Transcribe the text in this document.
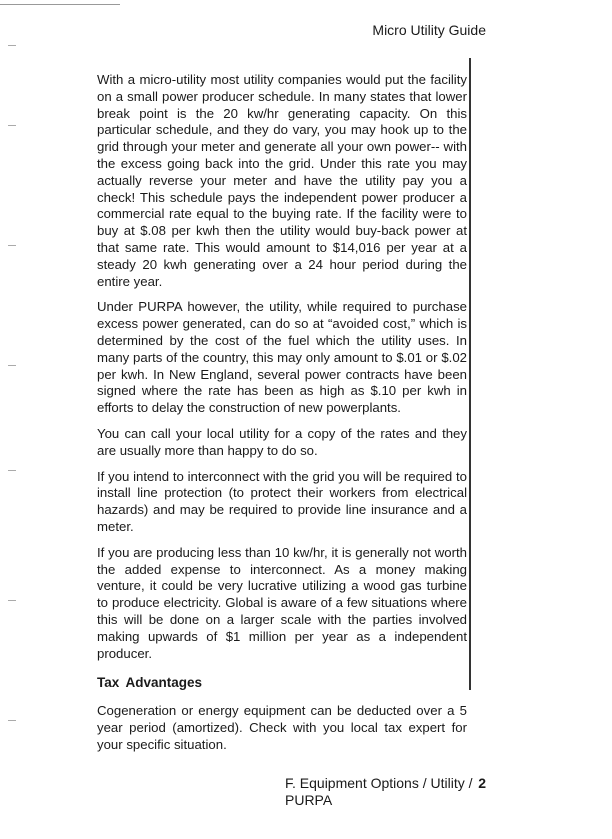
Micro Utility Guide

With a micro-utility most utility companies would put the facility on a small power producer schedule. In many states that lower break point is the 20 kw/hr generating capacity. On this particular schedule, and they do vary, you may hook up to the grid through your meter and generate all your own power-- with the excess going back into the grid. Under this rate you may actually reverse your meter and have the utility pay you a check! This schedule pays the independent power producer a commercial rate equal to the buying rate. If the facility were to buy at $.08 per kwh then the utility would buy-back power at that same rate. This would amount to $14,016 per year at a steady 20 kwh generating over a 24 hour period during the entire year.

Under PURPA however, the utility, while required to purchase excess power generated, can do so at “avoided cost,” which is determined by the cost of the fuel which the utility uses. In many parts of the country, this may only amount to $.01 or $.02 per kwh. In New England, several power contracts have been signed where the rate has been as high as $.10 per kwh in efforts to delay the construction of new powerplants.

You can call your local utility for a copy of the rates and they are usually more than happy to do so.

If you intend to interconnect with the grid you will be required to install line protection (to protect their workers from electrical hazards) and may be required to provide line insurance and a meter.

If you are producing less than 10 kw/hr, it is generally not worth the added expense to interconnect. As a money making venture, it could be very lucrative utilizing a wood gas turbine to produce electricity. Global is aware of a few situations where this will be done on a larger scale with the parties involved making upwards of $1 million per year as a independent producer.

Tax Advantages

Cogeneration or energy equipment can be deducted over a 5 year period (amortized). Check with you local tax expert for your specific situation.

F. Equipment Options / Utility / PURPA
2
